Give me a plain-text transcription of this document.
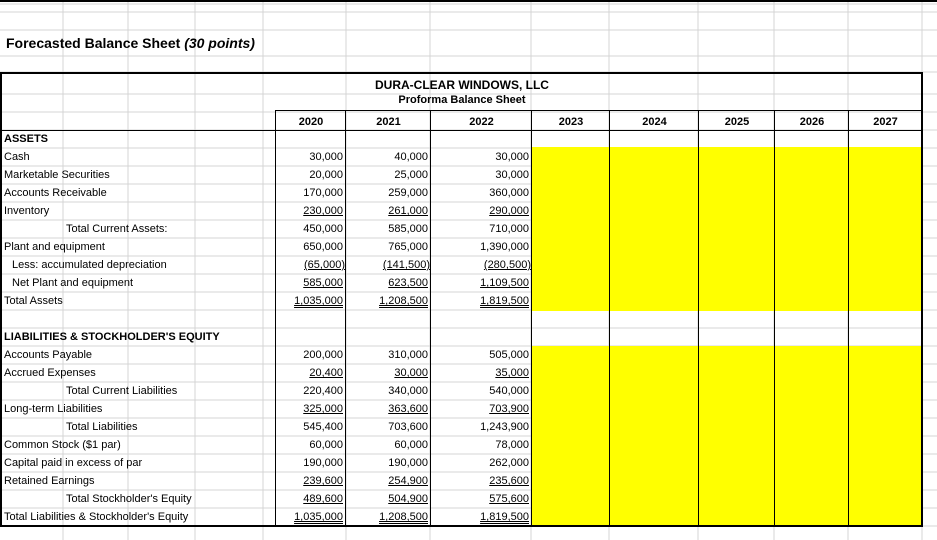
Forecasted Balance Sheet (30 points)
DURA-CLEAR WINDOWS, LLC
Proforma Balance Sheet
2020	2021	2022	2023	2024	2025	2026	2027
ASSETS
Cash	30,000	40,000	30,000
Marketable Securities	20,000	25,000	30,000
Accounts Receivable	170,000	259,000	360,000
Inventory	230,000	261,000	290,000
Total Current Assets:	450,000	585,000	710,000
Plant and equipment	650,000	765,000	1,390,000
Less: accumulated depreciation	(65,000)	(141,500)	(280,500)
Net Plant and equipment	585,000	623,500	1,109,500
Total Assets	1,035,000	1,208,500	1,819,500
LIABILITIES & STOCKHOLDER'S EQUITY
Accounts Payable	200,000	310,000	505,000
Accrued Expenses	20,400	30,000	35,000
Total Current Liabilities	220,400	340,000	540,000
Long-term Liabilities	325,000	363,600	703,900
Total Liabilities	545,400	703,600	1,243,900
Common Stock ($1 par)	60,000	60,000	78,000
Capital paid in excess of par	190,000	190,000	262,000
Retained Earnings	239,600	254,900	235,600
Total Stockholder's Equity	489,600	504,900	575,600
Total Liabilities & Stockholder's Equity	1,035,000	1,208,500	1,819,500
